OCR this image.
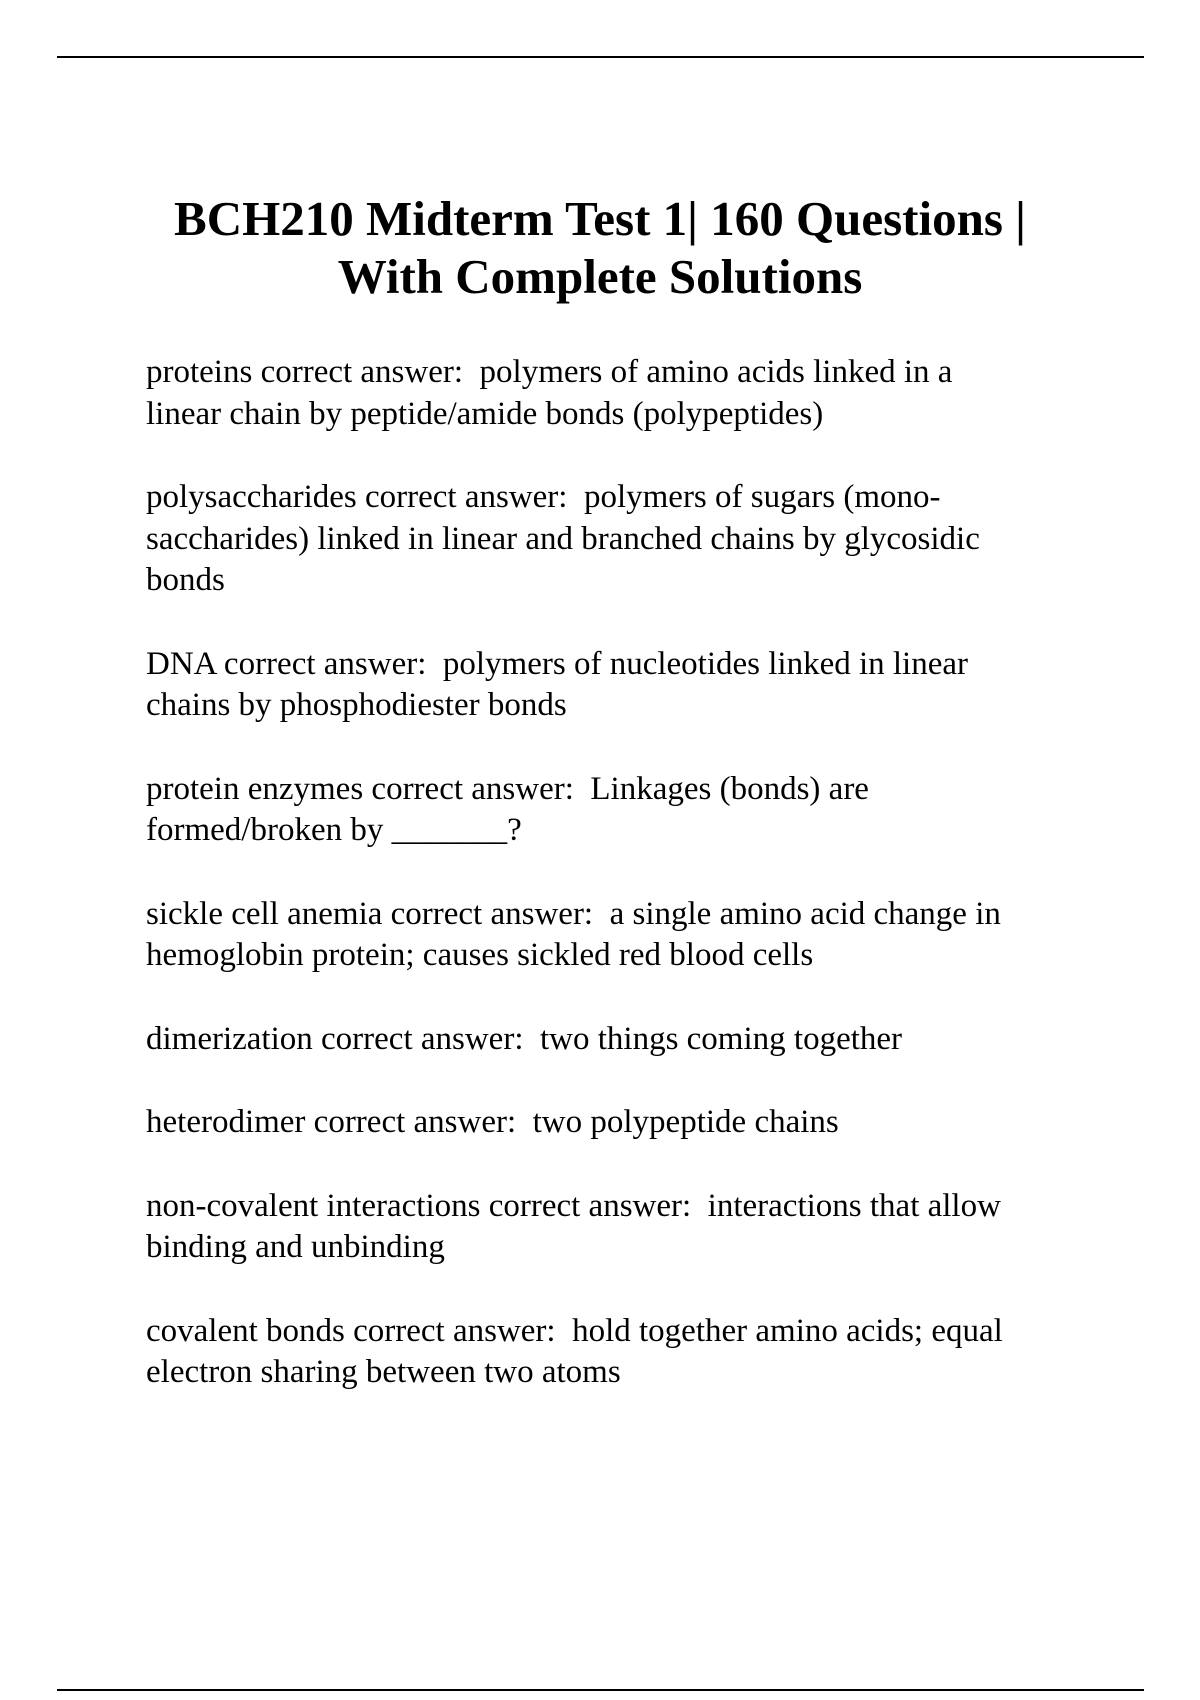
BCH210 Midterm Test 1| 160 Questions |
With Complete Solutions

proteins correct answer:  polymers of amino acids linked in a
linear chain by peptide/amide bonds (polypeptides)

polysaccharides correct answer:  polymers of sugars (mono-
saccharides) linked in linear and branched chains by glycosidic
bonds

DNA correct answer:  polymers of nucleotides linked in linear
chains by phosphodiester bonds

protein enzymes correct answer:  Linkages (bonds) are
formed/broken by _______?

sickle cell anemia correct answer:  a single amino acid change in
hemoglobin protein; causes sickled red blood cells

dimerization correct answer:  two things coming together

heterodimer correct answer:  two polypeptide chains

non-covalent interactions correct answer:  interactions that allow
binding and unbinding

covalent bonds correct answer:  hold together amino acids; equal
electron sharing between two atoms
